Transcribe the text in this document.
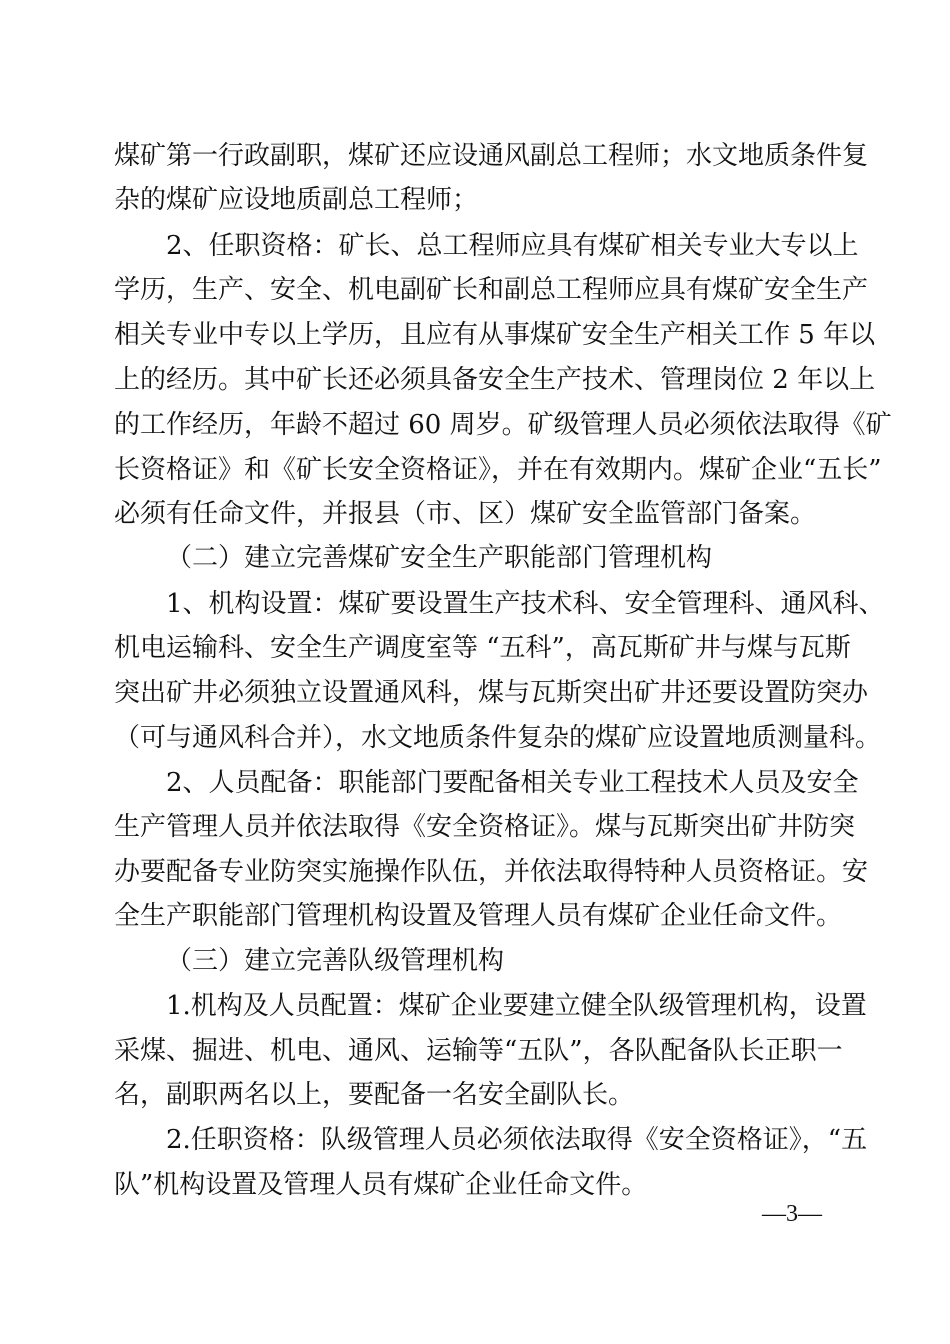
煤矿第一行政副职，煤矿还应设通风副总工程师；水文地质条件复
杂的煤矿应设地质副总工程师；
2、任职资格：矿长、总工程师应具有煤矿相关专业大专以上
学历，生产、安全、机电副矿长和副总工程师应具有煤矿安全生产
相关专业中专以上学历，且应有从事煤矿安全生产相关工作 5 年以
上的经历。其中矿长还必须具备安全生产技术、管理岗位 2 年以上
的工作经历，年龄不超过 60 周岁。矿级管理人员必须依法取得《矿
长资格证》和《矿长安全资格证》，并在有效期内。煤矿企业“五长”
必须有任命文件，并报县（市、区）煤矿安全监管部门备案。
（二）建立完善煤矿安全生产职能部门管理机构
1、机构设置：煤矿要设置生产技术科、安全管理科、通风科、
机电运输科、安全生产调度室等 “五科”，高瓦斯矿井与煤与瓦斯
突出矿井必须独立设置通风科，煤与瓦斯突出矿井还要设置防突办
（可与通风科合并），水文地质条件复杂的煤矿应设置地质测量科。
2、人员配备：职能部门要配备相关专业工程技术人员及安全
生产管理人员并依法取得《安全资格证》。煤与瓦斯突出矿井防突
办要配备专业防突实施操作队伍，并依法取得特种人员资格证。安
全生产职能部门管理机构设置及管理人员有煤矿企业任命文件。
（三）建立完善队级管理机构
1.机构及人员配置：煤矿企业要建立健全队级管理机构，设置
采煤、掘进、机电、通风、运输等“五队”，各队配备队长正职一
名，副职两名以上，要配备一名安全副队长。
2.任职资格：队级管理人员必须依法取得《安全资格证》，“五
队”机构设置及管理人员有煤矿企业任命文件。
—3—
